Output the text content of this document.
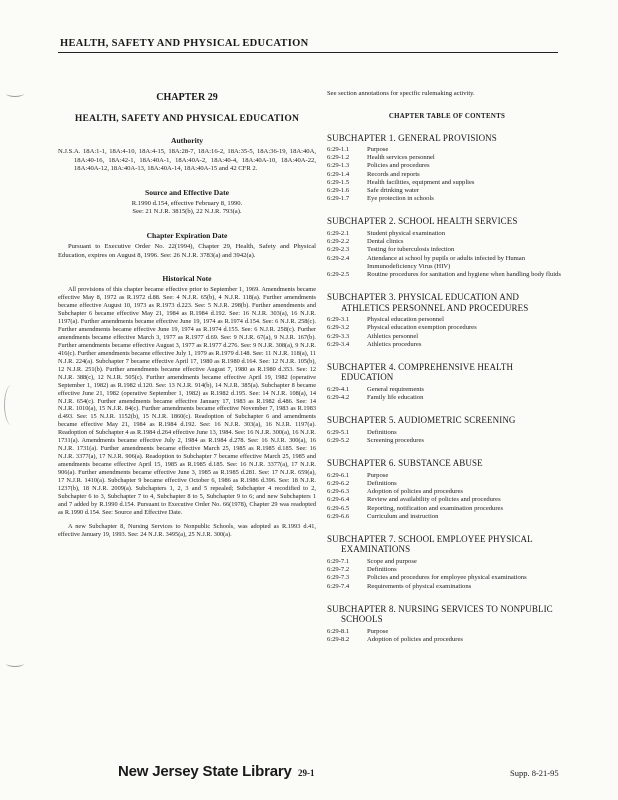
HEALTH, SAFETY AND PHYSICAL EDUCATION
CHAPTER 29
HEALTH, SAFETY AND PHYSICAL EDUCATION
Authority
N.J.S.A. 18A:1-1, 18A:4-10, 18A:4-15, 18A:28-7, 18A:16-2, 18A:35-5, 18A:36-19, 18A:40A, 18A:40-16, 18A:42-1, 18A:40A-1, 18A:40A-2, 18A:40-4, 18A:40A-10, 18A:40A-22, 18A:40A-12, 18A:40A-13, 18A:40A-14, 18A:40A-15 and 42 CFR 2.
Source and Effective Date
R.1990 d.154, effective February 8, 1990.
See: 21 N.J.R. 3815(b), 22 N.J.R. 793(a).
Chapter Expiration Date
Pursuant to Executive Order No. 22(1994), Chapter 29, Health, Safety and Physical Education, expires on August 8, 1996. See: 26 N.J.R. 3783(a) and 3942(a).
Historical Note
All provisions of this chapter became effective prior to September 1, 1969. Amendments became effective May 8, 1972 as R.1972 d.88. See: 4 N.J.R. 65(b), 4 N.J.R. 118(a). Further amendments became effective August 10, 1973 as R.1973 d.223. See: 5 N.J.R. 298(b). Further amendments and Subchapter 6 became effective May 21, 1984 as R.1984 d.192. See: 16 N.J.R. 303(a), 16 N.J.R. 1197(a). Further amendments became effective June 19, 1974 as R.1974 d.154. See: 6 N.J.R. 258(c). Further amendments became effective June 19, 1974 as R.1974 d.155. See: 6 N.J.R. 258(c). Further amendments became effective March 3, 1977 as R.1977 d.69. See: 9 N.J.R. 67(a), 9 N.J.R. 167(b). Further amendments became effective August 3, 1977 as R.1977 d.276. See: 9 N.J.R. 308(a), 9 N.J.R. 416(c). Further amendments became effective July 1, 1979 as R.1979 d.148. See: 11 N.J.R. 118(a), 11 N.J.R. 224(a). Subchapter 7 became effective April 17, 1980 as R.1980 d.164. See: 12 N.J.R. 105(b), 12 N.J.R. 251(b). Further amendments became effective August 7, 1980 as R.1980 d.353. See: 12 N.J.R. 388(c), 12 N.J.R. 505(c). Further amendments became effective April 19, 1982 (operative September 1, 1982) as R.1982 d.120. See: 13 N.J.R. 914(b), 14 N.J.R. 385(a). Subchapter 8 became effective June 21, 1982 (operative September 1, 1982) as R.1982 d.195. See: 14 N.J.R. 108(a), 14 N.J.R. 654(c). Further amendments became effective January 17, 1983 as R.1982 d.486. See: 14 N.J.R. 1010(a), 15 N.J.R. 84(c). Further amendments became effective November 7, 1983 as R.1983 d.493. See: 15 N.J.R. 1152(b), 15 N.J.R. 1860(c). Readoption of Subchapter 6 and amendments became effective May 21, 1984 as R.1984 d.192. See: 16 N.J.R. 303(a), 16 N.J.R. 1197(a). Readoption of Subchapter 4 as R.1984 d.264 effective June 13, 1984. See: 16 N.J.R. 300(a), 16 N.J.R. 1731(a). Amendments became effective July 2, 1984 as R.1984 d.278. See: 16 N.J.R. 300(a), 16 N.J.R. 1731(a). Further amendments became effective March 25, 1985 as R.1985 d.185. See: 16 N.J.R. 3377(a), 17 N.J.R. 906(a). Readoption to Subchapter 7 became effective March 25, 1985 and amendments became effective April 15, 1985 as R.1985 d.185. See: 16 N.J.R. 3377(a), 17 N.J.R. 906(a). Further amendments became effective June 3, 1985 as R.1985 d.281. See: 17 N.J.R. 659(a), 17 N.J.R. 1410(a). Subchapter 9 became effective October 6, 1986 as R.1986 d.396. See: 18 N.J.R. 1237(b), 18 N.J.R. 2009(a). Subchapters 1, 2, 3 and 5 repealed; Subchapter 4 recodified to 2, Subchapter 6 to 3, Subchapter 7 to 4, Subchapter 8 to 5, Subchapter 9 to 6; and new Subchapters 1 and 7 added by R.1990 d.154. Pursuant to Executive Order No. 66(1978), Chapter 29 was readopted as R.1990 d.154. See: Source and Effective Date.
A new Subchapter 8, Nursing Services to Nonpublic Schools, was adopted as R.1993 d.41, effective January 19, 1993. See: 24 N.J.R. 3495(a), 25 N.J.R. 300(a).
See section annotations for specific rulemaking activity.
CHAPTER TABLE OF CONTENTS
SUBCHAPTER 1. GENERAL PROVISIONS
6:29-1.1	Purpose
6:29-1.2	Health services personnel
6:29-1.3	Policies and procedures
6:29-1.4	Records and reports
6:29-1.5	Health facilities, equipment and supplies
6:29-1.6	Safe drinking water
6:29-1.7	Eye protection in schools
SUBCHAPTER 2. SCHOOL HEALTH SERVICES
6:29-2.1	Student physical examination
6:29-2.2	Dental clinics
6:29-2.3	Testing for tuberculosis infection
6:29-2.4	Attendance at school by pupils or adults infected by Human Immunodeficiency Virus (HIV)
6:29-2.5	Routine procedures for sanitation and hygiene when handling body fluids
SUBCHAPTER 3. PHYSICAL EDUCATION AND ATHLETICS PERSONNEL AND PROCEDURES
6:29-3.1	Physical education personnel
6:29-3.2	Physical education exemption procedures
6:29-3.3	Athletics personnel
6:29-3.4	Athletics procedures
SUBCHAPTER 4. COMPREHENSIVE HEALTH EDUCATION
6:29-4.1	General requirements
6:29-4.2	Family life education
SUBCHAPTER 5. AUDIOMETRIC SCREENING
6:29-5.1	Definitions
6:29-5.2	Screening procedures
SUBCHAPTER 6. SUBSTANCE ABUSE
6:29-6.1	Purpose
6:29-6.2	Definitions
6:29-6.3	Adoption of policies and procedures
6:29-6.4	Review and availability of policies and procedures
6:29-6.5	Reporting, notification and examination procedures
6:29-6.6	Curriculum and instruction
SUBCHAPTER 7. SCHOOL EMPLOYEE PHYSICAL EXAMINATIONS
6:29-7.1	Scope and purpose
6:29-7.2	Definitions
6:29-7.3	Policies and procedures for employee physical examinations
6:29-7.4	Requirements of physical examinations
SUBCHAPTER 8. NURSING SERVICES TO NONPUBLIC SCHOOLS
6:29-8.1	Purpose
6:29-8.2	Adoption of policies and procedures
New Jersey State Library 29-1	Supp. 8-21-95
